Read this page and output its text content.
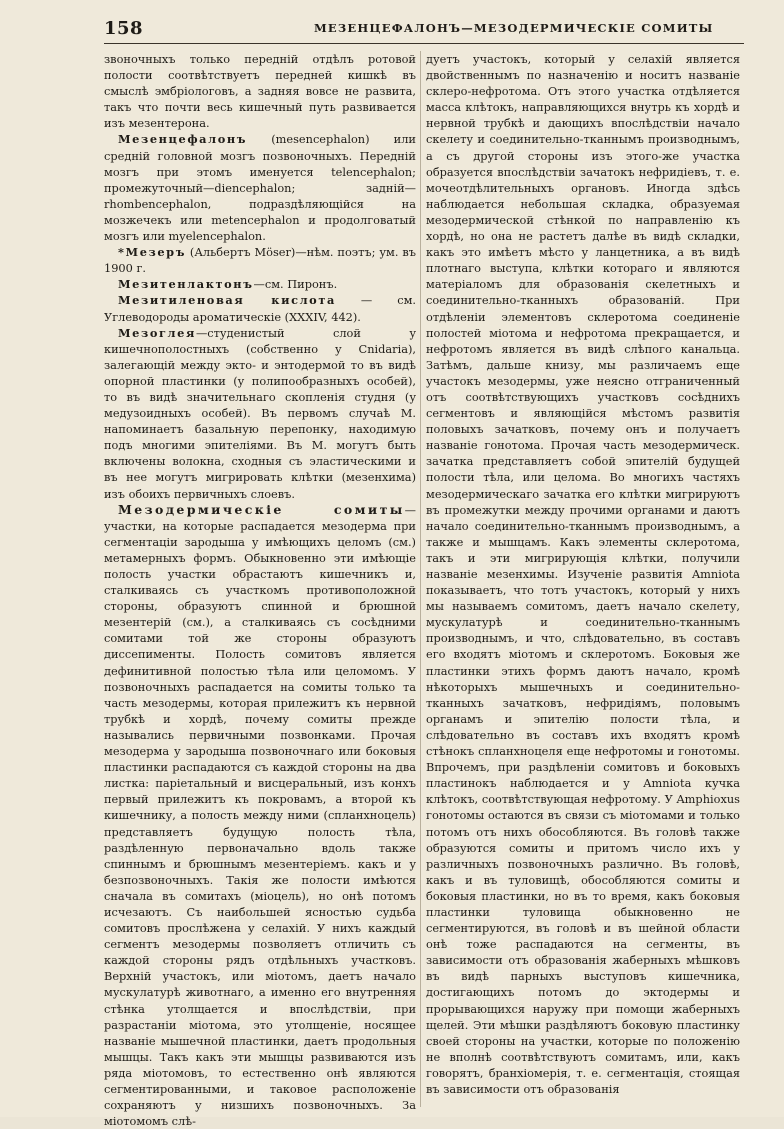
158	МЕЗЕНЦЕФАЛОНЪ—МЕЗОДЕРМИЧЕСКІЕ СОМИТЫ

звоночныхъ только передній отдѣлъ ротовой полости соотвѣтствуетъ передней кишкѣ въ смыслѣ эмбріологовъ, а задняя вовсе не развита, такъ что почти весь кишечный путь развивается изъ мезентерона.

Мезенцефалонъ (mesencephalon) или средній головной мозгъ позвоночныхъ. Передній мозгъ при этомъ именуется telencephalon; промежуточный—diencephalon; задній—rhombencephalon, подраздѣляющійся на мозжечекъ или metencephalon и продолговатый мозгъ или myelencephalon.

*Мезеръ (Альбертъ Möser)—нѣм. поэтъ; ум. въ 1900 г.

Мезитенлактонъ—см. Пиронъ.

Мезитиленовая кислота — см. Углеводороды ароматическіе (XXXIV, 442).

Мезоглея—студенистый слой у кишечнополостныхъ (собственно у Cnidaria), залегающій между экто- и энтодермой то въ видѣ опорной пластинки (у полипообразныхъ особей), то въ видѣ значительнаго скопленія студня (у медузоидныхъ особей). Въ первомъ случаѣ М. напоминаетъ базальную перепонку, находимую подъ многими эпителіями. Въ М. могутъ быть включены волокна, сходныя съ эластическими и въ нее могутъ мигрировать клѣтки (мезенхима) изъ обоихъ первичныхъ слоевъ.

Мезодермическіе сомиты—участки, на которые распадается мезодерма при сегментаціи зародыша у имѣющихъ целомъ (см.) метамерныхъ формъ. Обыкновенно эти имѣющіе полость участки обрастаютъ кишечникъ и, сталкиваясь съ участкомъ противоположной стороны, образуютъ спинной и брюшной мезентерій (см.), а сталкиваясь съ сосѣдними сомитами той же стороны образуютъ диссепименты. Полость сомитовъ является дефинитивной полостью тѣла или целомомъ. У позвоночныхъ распадается на сомиты только та часть мезодермы, которая прилежитъ къ нервной трубкѣ и хордѣ, почему сомиты прежде назывались первичными позвонками. Прочая мезодерма у зародыша позвоночнаго или боковыя пластинки распадаются съ каждой стороны на два листка: паріетальный и висцеральный, изъ конхъ первый прилежитъ къ покровамъ, а второй къ кишечнику, а полость между ними (спланхноцель) представляетъ будущую полость тѣла, раздѣленную первоначально вдоль также спиннымъ и брюшнымъ мезентеріемъ. какъ и у безпозвоночныхъ. Такія же полости имѣются сначала въ сомитахъ (міоцель), но онѣ потомъ исчезаютъ. Съ наибольшей ясностью судьба сомитовъ прослѣжена у селахій. У нихъ каждый сегментъ мезодермы позволяетъ отличить съ каждой стороны рядъ отдѣльныхъ участковъ. Верхній участокъ, или міотомъ, даетъ начало мускулатурѣ животнаго, а именно его внутренняя стѣнка утолщается и впослѣдствіи, при разрастаніи міотома, это утолщеніе, носящее названіе мышечной пластинки, даетъ продольныя мышцы. Такъ какъ эти мышцы развиваются изъ ряда міотомовъ, то естественно онѣ являются сегментированными, и таковое расположеніе сохраняютъ у низшихъ позвоночныхъ. За міотомомъ слѣ-

дуетъ участокъ, который у селахій является двойственнымъ по назначенію и носитъ названіе склеро-нефротома. Отъ этого участка отдѣляется масса клѣтокъ, направляющихся внутрь къ хордѣ и нервной трубкѣ и дающихъ впослѣдствіи начало скелету и соединительно-тканнымъ производнымъ, а съ другой стороны изъ этого-же участка образуется впослѣдствіи зачатокъ нефридіевъ, т. е. мочеотдѣлительныхъ органовъ. Иногда здѣсь наблюдается небольшая складка, образуемая мезодермической стѣнкой по направленію къ хордѣ, но она не растетъ далѣе въ видѣ складки, какъ это имѣетъ мѣсто у ланцетника, а въ видѣ плотнаго выступа, клѣтки котораго и являются матеріаломъ для образованія скелетныхъ и соединительно-тканныхъ образованій. При отдѣленіи элементовъ склеротома соединеніе полостей міотома и нефротома прекращается, и нефротомъ является въ видѣ слѣпого канальца. Затѣмъ, дальше книзу, мы различаемъ еще участокъ мезодермы, уже неясно отграниченный отъ соотвѣтствующихъ участковъ сосѣднихъ сегментовъ и являющійся мѣстомъ развитія половыхъ зачатковъ, почему онъ и получаетъ названіе гонотома. Прочая часть мезодермическ. зачатка представляетъ собой эпителій будущей полости тѣла, или целома. Во многихъ частяхъ мезодермическаго зачатка его клѣтки мигрируютъ въ промежутки между прочими органами и даютъ начало соединительно-тканнымъ производнымъ, а также и мышцамъ. Какъ элементы склеротома, такъ и эти мигрирующія клѣтки, получили названіе мезенхимы. Изученіе развитія Amniota показываетъ, что тотъ участокъ, который у нихъ мы называемъ сомитомъ, даетъ начало скелету, мускулатурѣ и соединительно-тканнымъ производнымъ, и что, слѣдовательно, въ составъ его входятъ міотомъ и склеротомъ. Боковыя же пластинки этихъ формъ даютъ начало, кромѣ нѣкоторыхъ мышечныхъ и соединительно-тканныхъ зачатковъ, нефридіямъ, половымъ органамъ и эпителію полости тѣла, и слѣдовательно въ составъ ихъ входятъ кромѣ стѣнокъ спланхноцеля еще нефротомы и гонотомы. Впрочемъ, при раздѣленіи сомитовъ и боковыхъ пластинокъ наблюдается и у Amniota кучка клѣтокъ, соотвѣтствующая нефротому. У Amphioxus гонотомы остаются въ связи съ міотомами и только потомъ отъ нихъ обособляются. Въ головѣ также образуются сомиты и притомъ число ихъ у различныхъ позвоночныхъ различно. Въ головѣ, какъ и въ туловищѣ, обособляются сомиты и боковыя пластинки, но въ то время, какъ боковыя пластинки туловища обыкновенно не сегментируются, въ головѣ и въ шейной области онѣ тоже распадаются на сегменты, въ зависимости отъ образованія жаберныхъ мѣшковъ въ видѣ парныхъ выступовъ кишечника, достигающихъ потомъ до эктодермы и прорывающихся наружу при помощи жаберныхъ щелей. Эти мѣшки раздѣляютъ боковую пластинку своей стороны на участки, которые по положенію не вполнѣ соотвѣтствуютъ сомитамъ, или, какъ говорятъ, бранхіомерія, т. е. сегментація, стоящая въ зависимости отъ образованія
